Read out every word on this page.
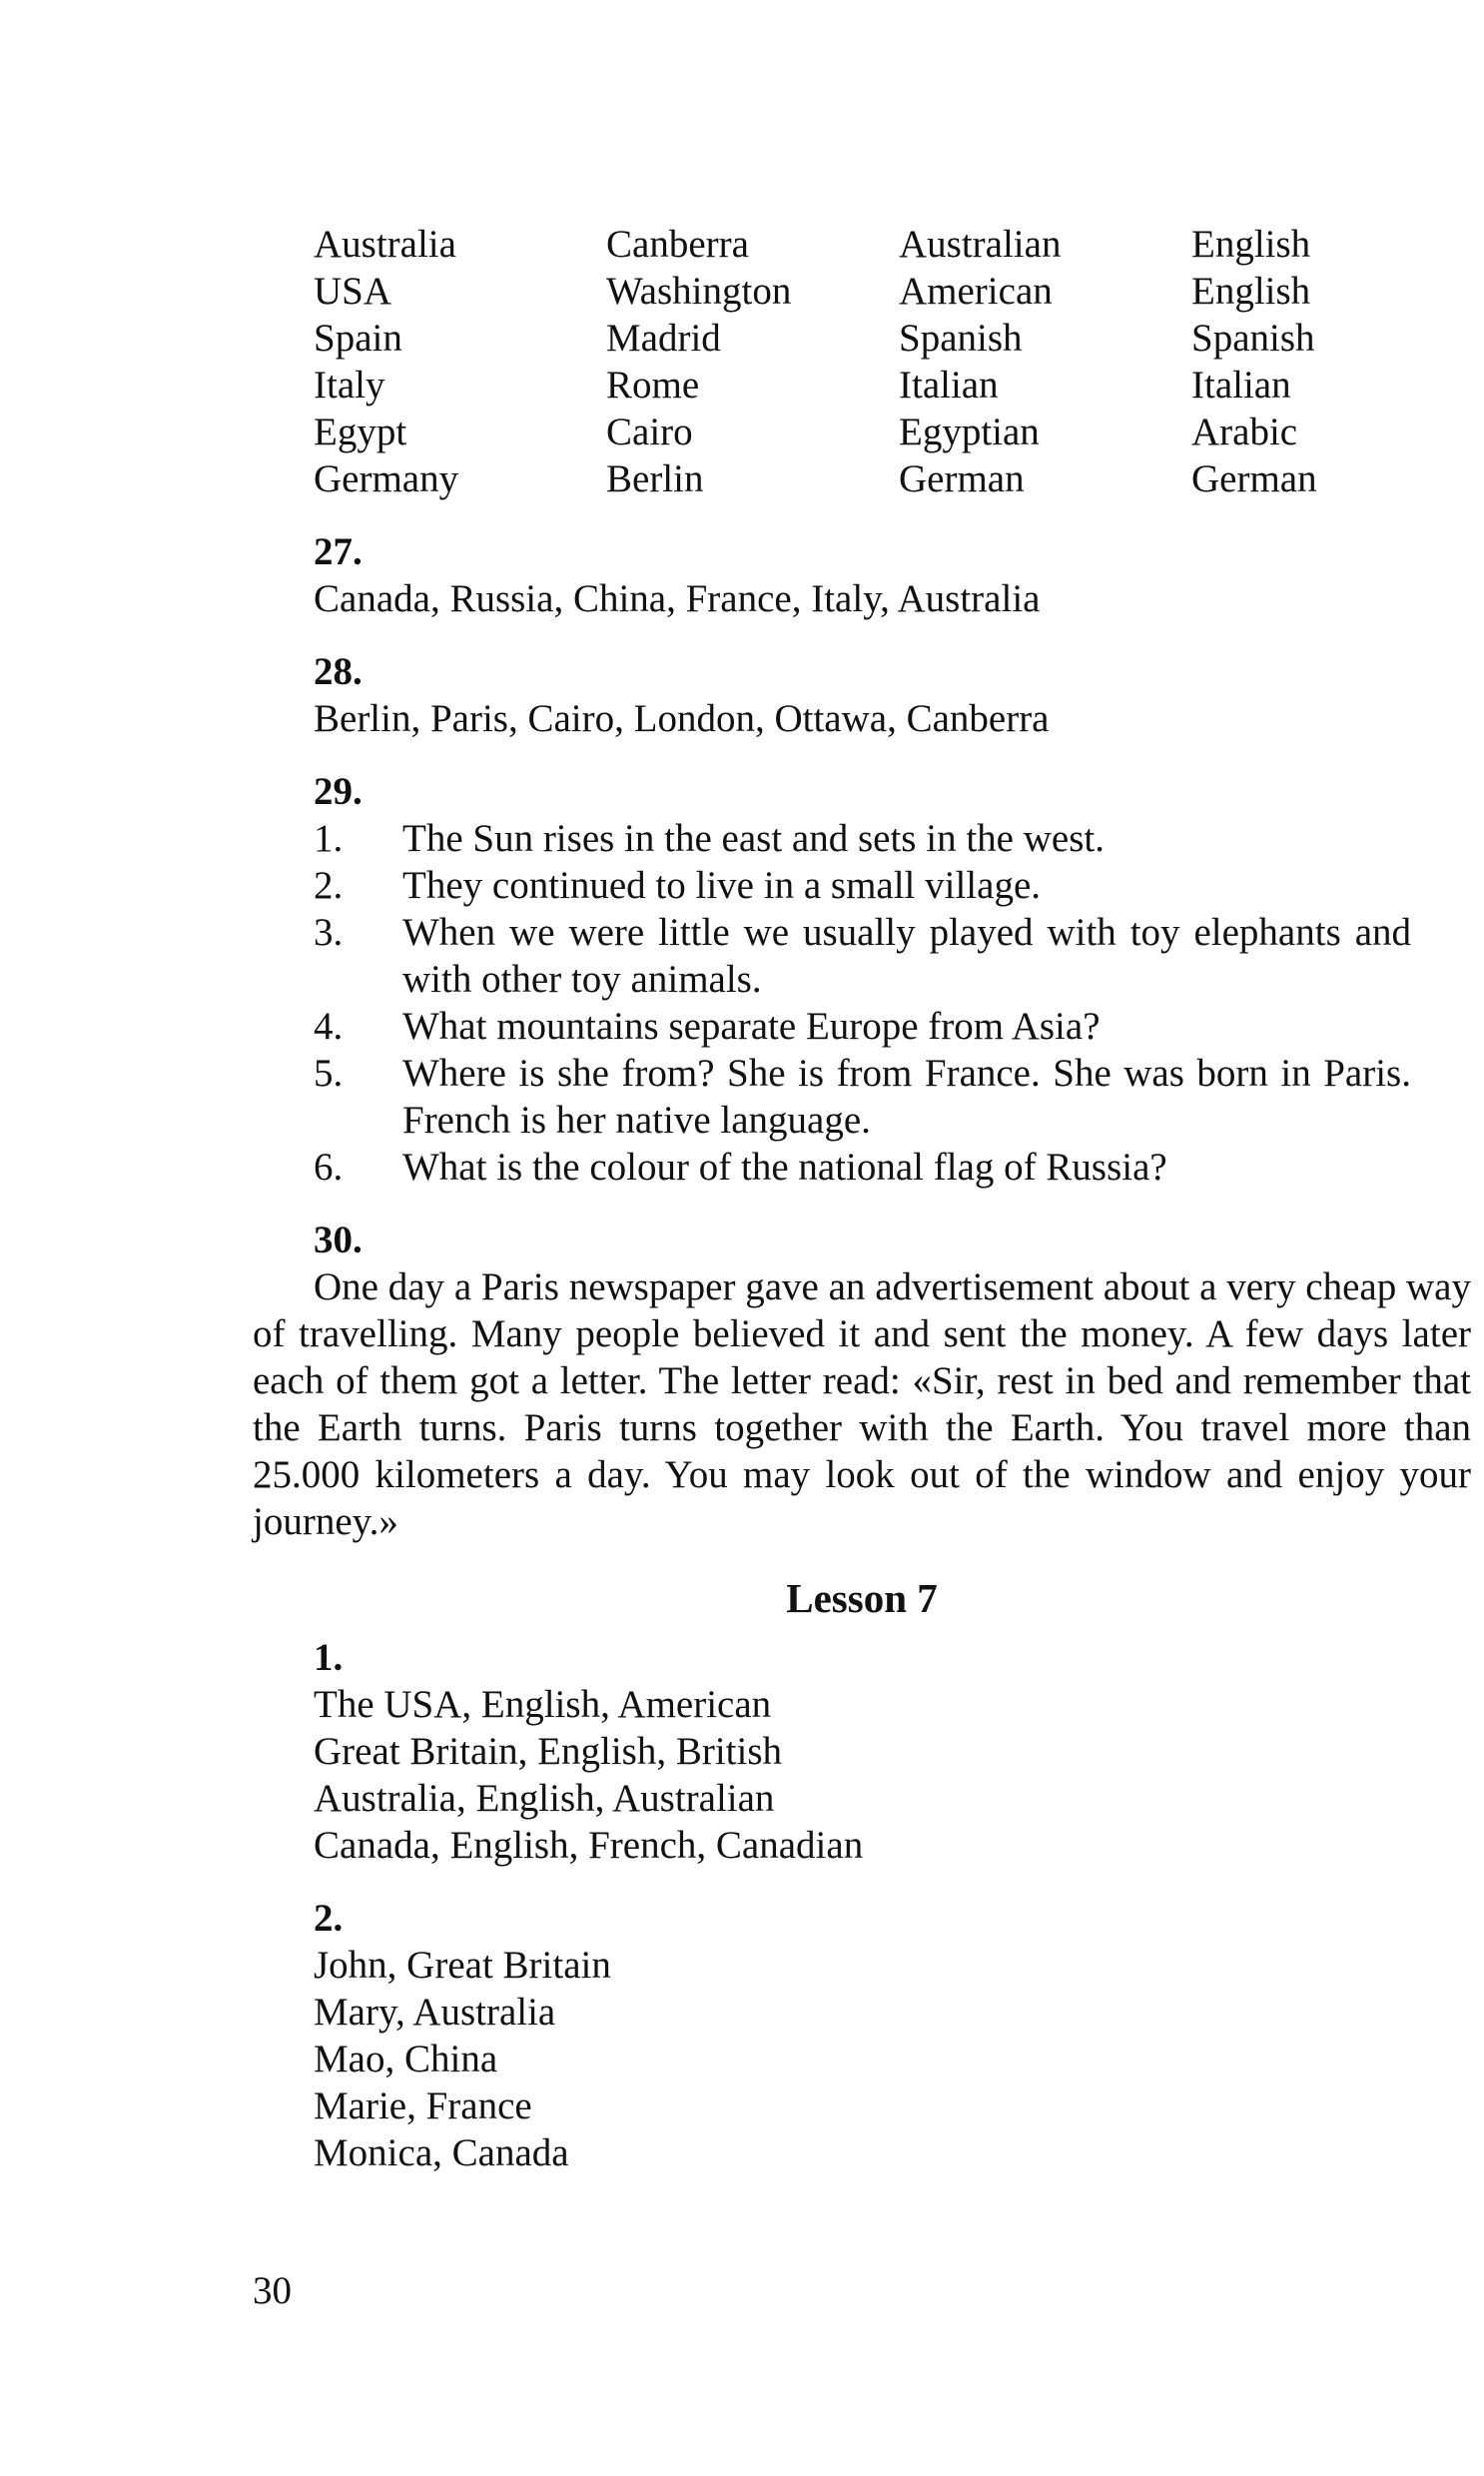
Australia	Canberra	Australian	English
USA	Washington	American	English
Spain	Madrid	Spanish	Spanish
Italy	Rome	Italian	Italian
Egypt	Cairo	Egyptian	Arabic
Germany	Berlin	German	German
27.
Canada, Russia, China, France, Italy, Australia
28.
Berlin, Paris, Cairo, London, Ottawa, Canberra
29.
1. The Sun rises in the east and sets in the west.
2. They continued to live in a small village.
3. When we were little we usually played with toy elephants and with other toy animals.
4. What mountains separate Europe from Asia?
5. Where is she from? She is from France. She was born in Paris. French is her native language.
6. What is the colour of the national flag of Russia?
30.

One day a Paris newspaper gave an advertisement about a very cheap way of travelling. Many people believed it and sent the money. A few days later each of them got a letter. The letter read: «Sir, rest in bed and remember that the Earth turns. Paris turns together with the Earth. You travel more than 25.000 kilometers a day. You may look out of the window and enjoy your journey.»

Lesson 7
1.
The USA, English, American
Great Britain, English, British
Australia, English, Australian
Canada, English, French, Canadian
2.
John, Great Britain
Mary, Australia
Mao, China
Marie, France
Monica, Canada
30
